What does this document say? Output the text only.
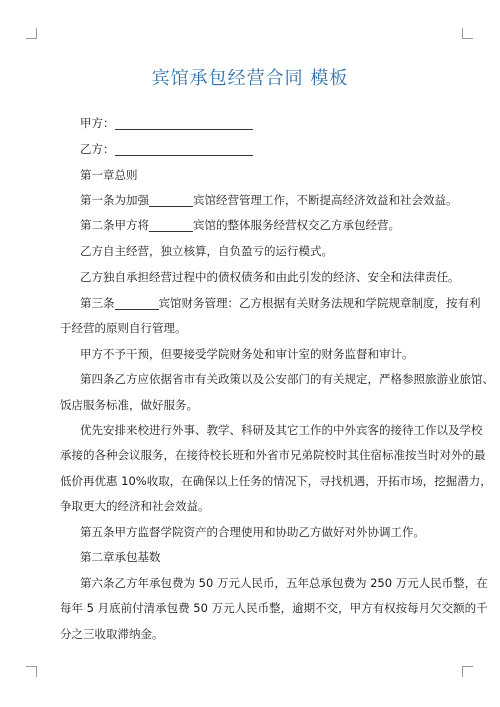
宾馆承包经营合同 模板
甲方：
乙方：
第一章总则
第一条为加强	宾馆经营管理工作，不断提高经济效益和社会效益。
第二条甲方将	宾馆的整体服务经营权交乙方承包经营。
乙方自主经营，独立核算，自负盈亏的运行模式。
乙方独自承担经营过程中的债权债务和由此引发的经济、安全和法律责任。
第三条	宾馆财务管理：乙方根据有关财务法规和学院规章制度，按有利
于经营的原则自行管理。
甲方不予干预，但要接受学院财务处和审计室的财务监督和审计。
第四条乙方应依据省市有关政策以及公安部门的有关规定，严格参照旅游业旅馆、
饭店服务标准，做好服务。
优先安排来校进行外事、教学、科研及其它工作的中外宾客的接待工作以及学校
承接的各种会议服务，在接待校长班和外省市兄弟院校时其住宿标准按当时对外的最
低价再优惠 10%收取，在确保以上任务的情况下，寻找机遇，开拓市场，挖掘潜力，
争取更大的经济和社会效益。
第五条甲方监督学院资产的合理使用和协助乙方做好对外协调工作。
第二章承包基数
第六条乙方年承包费为 50 万元人民币，五年总承包费为 250 万元人民币整，在
每年 5 月底前付清承包费 50 万元人民币整，逾期不交，甲方有权按每月欠交额的千
分之三收取滞纳金。
